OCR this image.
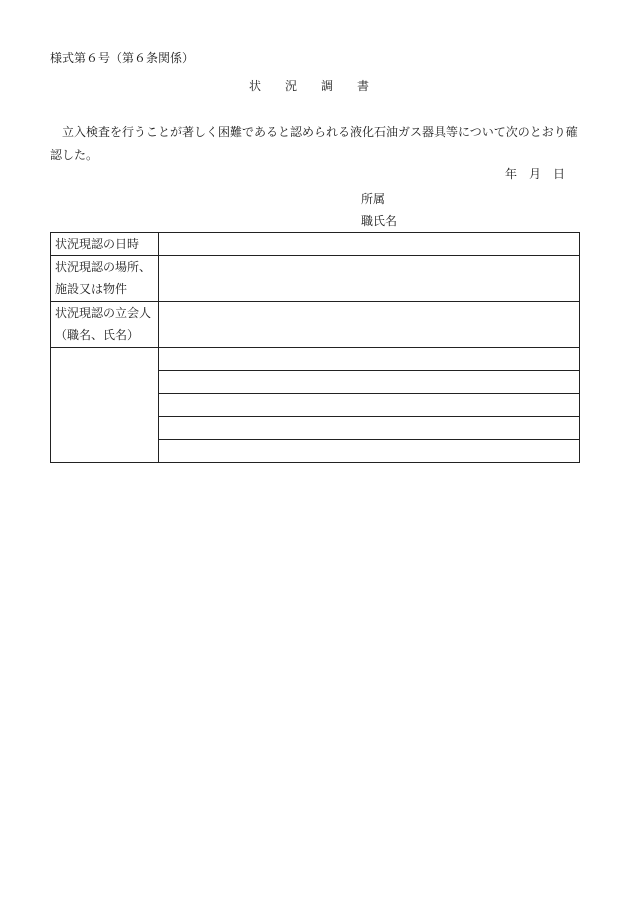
様式第６号（第６条関係）
状況調書
立入検査を行うことが著しく困難であると認められる液化石油ガス器具等について次のとおり確認した。
年 月 日
所属
職氏名
状況現認の日時	
状況現認の場所、施設又は物件	
状況現認の立会人（職名、氏名）	
